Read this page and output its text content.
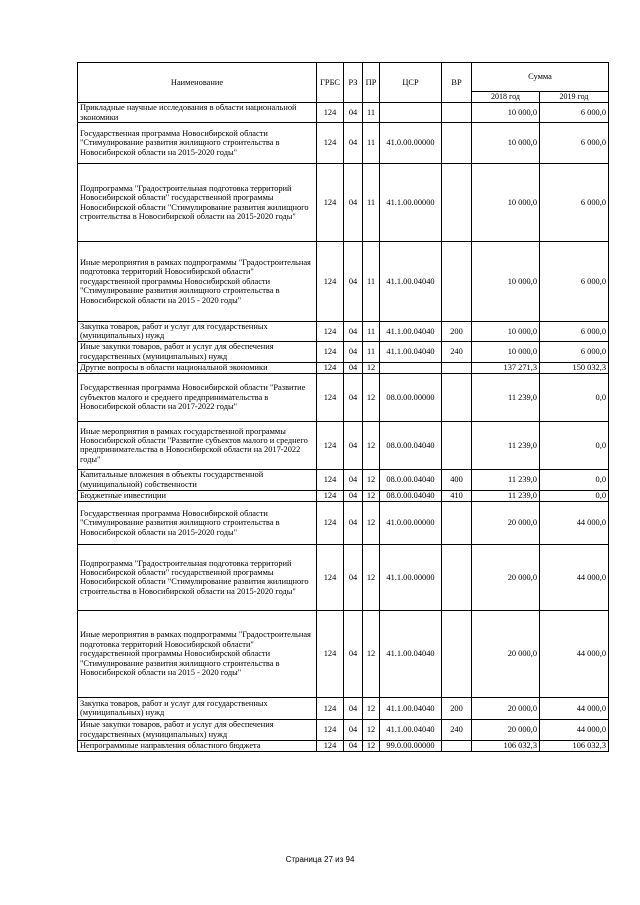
Наименование	ГРБС	РЗ	ПР	ЦСР	ВР	Сумма	
						2018 год	2019 год
Прикладные научные исследования в области национальной экономики	124	04	11			10 000,0	6 000,0
Государственная программа Новосибирской области "Стимулирование развития жилищного строительства в Новосибирской области на 2015-2020 годы"	124	04	11	41.0.00.00000		10 000,0	6 000,0
Подпрограмма "Градостроительная подготовка территорий Новосибирской области" государственной программы Новосибирской области "Стимулирование развития жилищного строительства в Новосибирской области на 2015-2020 годы"	124	04	11	41.1.00.00000		10 000,0	6 000,0
Иные мероприятия в рамках подпрограммы "Градостроительная подготовка территорий Новосибирской области" государственной программы Новосибирской области "Стимулирование развития жилищного строительства в Новосибирской области на 2015 - 2020 годы"	124	04	11	41.1.00.04040		10 000,0	6 000,0
Закупка товаров, работ и услуг для государственных (муниципальных) нужд	124	04	11	41.1.00.04040	200	10 000,0	6 000,0
Иные закупки товаров, работ и услуг для обеспечения государственных (муниципальных) нужд	124	04	11	41.1.00.04040	240	10 000,0	6 000,0
Другие вопросы в области национальной экономики	124	04	12			137 271,3	150 032,3
Государственная программа Новосибирской области "Развитие субъектов малого и среднего предпринимательства в Новосибирской области на 2017-2022 годы"	124	04	12	08.0.00.00000		11 239,0	0,0
Иные мероприятия в рамках государственной программы Новосибирской области "Развитие субъектов малого и среднего предпринимательства в Новосибирской области на 2017-2022 годы"	124	04	12	08.0.00.04040		11 239,0	0,0
Капитальные вложения в объекты государственной (муниципальной) собственности	124	04	12	08.0.00.04040	400	11 239,0	0,0
Бюджетные инвестиции	124	04	12	08.0.00.04040	410	11 239,0	0,0
Государственная программа Новосибирской области "Стимулирование развития жилищного строительства в Новосибирской области на 2015-2020 годы"	124	04	12	41.0.00.00000		20 000,0	44 000,0
Подпрограмма "Градостроительная подготовка территорий Новосибирской области" государственной программы Новосибирской области "Стимулирование развития жилищного строительства в Новосибирской области на 2015-2020 годы"	124	04	12	41.1.00.00000		20 000,0	44 000,0
Иные мероприятия в рамках подпрограммы "Градостроительная подготовка территорий Новосибирской области" государственной программы Новосибирской области "Стимулирование развития жилищного строительства в Новосибирской области на 2015 - 2020 годы"	124	04	12	41.1.00.04040		20 000,0	44 000,0
Закупка товаров, работ и услуг для государственных (муниципальных) нужд	124	04	12	41.1.00.04040	200	20 000,0	44 000,0
Иные закупки товаров, работ и услуг для обеспечения государственных (муниципальных) нужд	124	04	12	41.1.00.04040	240	20 000,0	44 000,0
Непрограммные направления областного бюджета	124	04	12	99.0.00.00000		106 032,3	106 032,3
Страница 27 из 94
